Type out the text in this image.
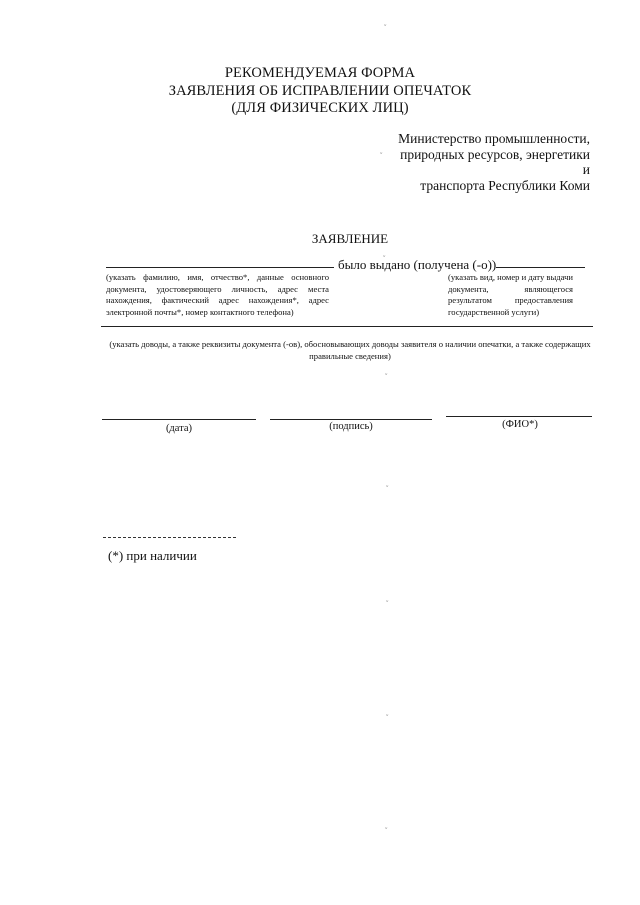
ˬ
РЕКОМЕНДУЕМАЯ ФОРМА
ЗАЯВЛЕНИЯ ОБ ИСПРАВЛЕНИИ ОПЕЧАТОК
(ДЛЯ ФИЗИЧЕСКИХ ЛИЦ)
Министерство промышленности,
природных ресурсов, энергетики и
транспорта Республики Коми
ˬ
ЗАЯВЛЕНИЕ
ˬ
было выдано (получена (-о))
(указать фамилию, имя, отчество*, данные основного документа, удостоверяющего личность, адрес места нахождения, фактический адрес нахождения*, адрес электронной почты*, номер контактного телефона)
(указать вид, номер и дату выдачи документа, являющегося результатом предоставления государственной услуги)
(указать доводы, а также реквизиты документа (-ов), обосновывающих доводы заявителя о наличии опечатки, а также содержащих правильные сведения)
ˬ
(дата)	(подпись)	(ФИО*)
ˬ
(*) при наличии
ˬ
ˬ
ˬ
